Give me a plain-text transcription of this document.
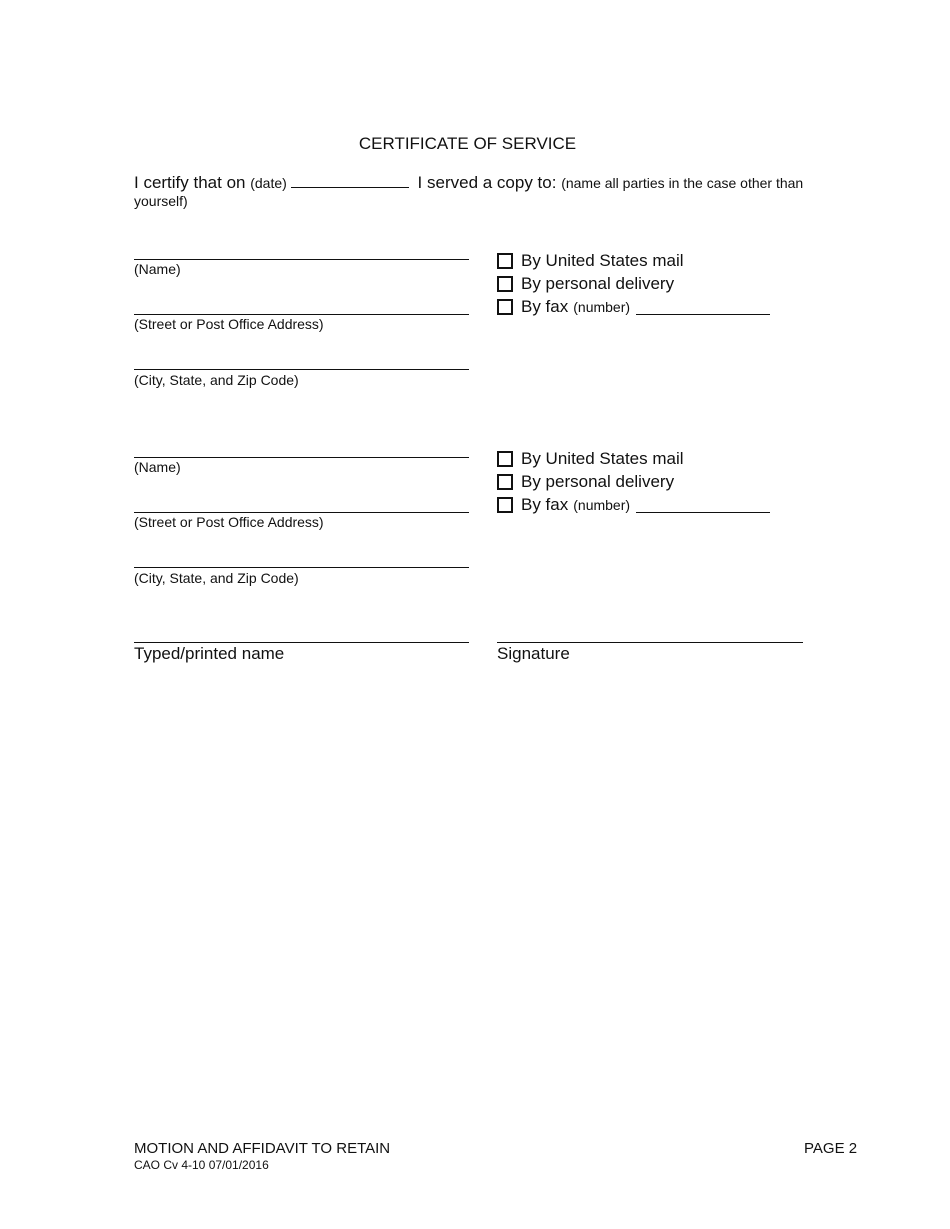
CERTIFICATE OF SERVICE
I certify that on (date)	I served a copy to: (name all parties in the case other than yourself)
(Name)
(Street or Post Office Address)
(City, State, and Zip Code)
By United States mail
By personal delivery
By fax (number)
(Name)
(Street or Post Office Address)
(City, State, and Zip Code)
By United States mail
By personal delivery
By fax (number)
Typed/printed name	Signature
MOTION AND AFFIDAVIT TO RETAIN
CAO Cv 4-10 07/01/2016
PAGE 2
